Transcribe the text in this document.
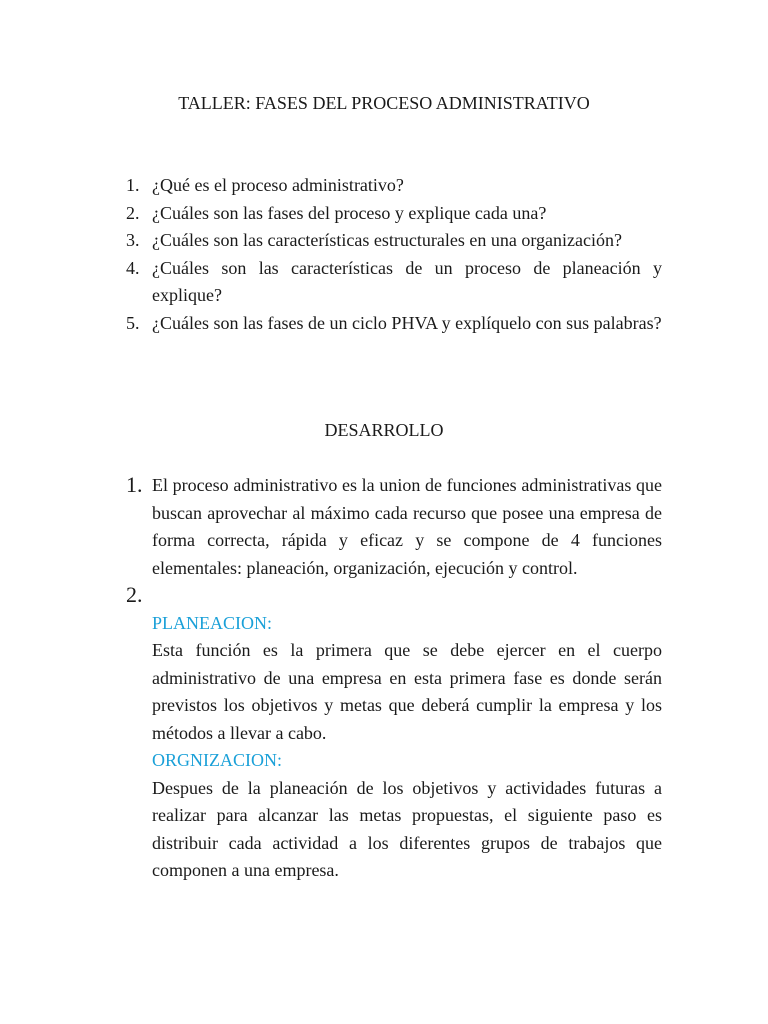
TALLER: FASES DEL PROCESO ADMINISTRATIVO
1. ¿Qué es el proceso administrativo?
2. ¿Cuáles son las fases del proceso y explique cada una?
3. ¿Cuáles son las características estructurales en una organización?
4. ¿Cuáles son las características de un proceso de planeación y explique?
5. ¿Cuáles son las fases de un ciclo PHVA y explíquelo con sus palabras?
DESARROLLO
1. El proceso administrativo es la union de funciones administrativas que buscan aprovechar al máximo cada recurso que posee una empresa de forma correcta, rápida y eficaz y se compone de 4 funciones elementales: planeación, organización, ejecución y control.
2.
PLANEACION:
Esta función es la primera que se debe ejercer en el cuerpo administrativo de una empresa en esta primera fase es donde serán previstos los objetivos y metas que deberá cumplir la empresa y los métodos a llevar a cabo.
ORGNIZACION:
Despues de la planeación de los objetivos y actividades futuras a realizar para alcanzar las metas propuestas, el siguiente paso es distribuir cada actividad a los diferentes grupos de trabajos que componen a una empresa.
